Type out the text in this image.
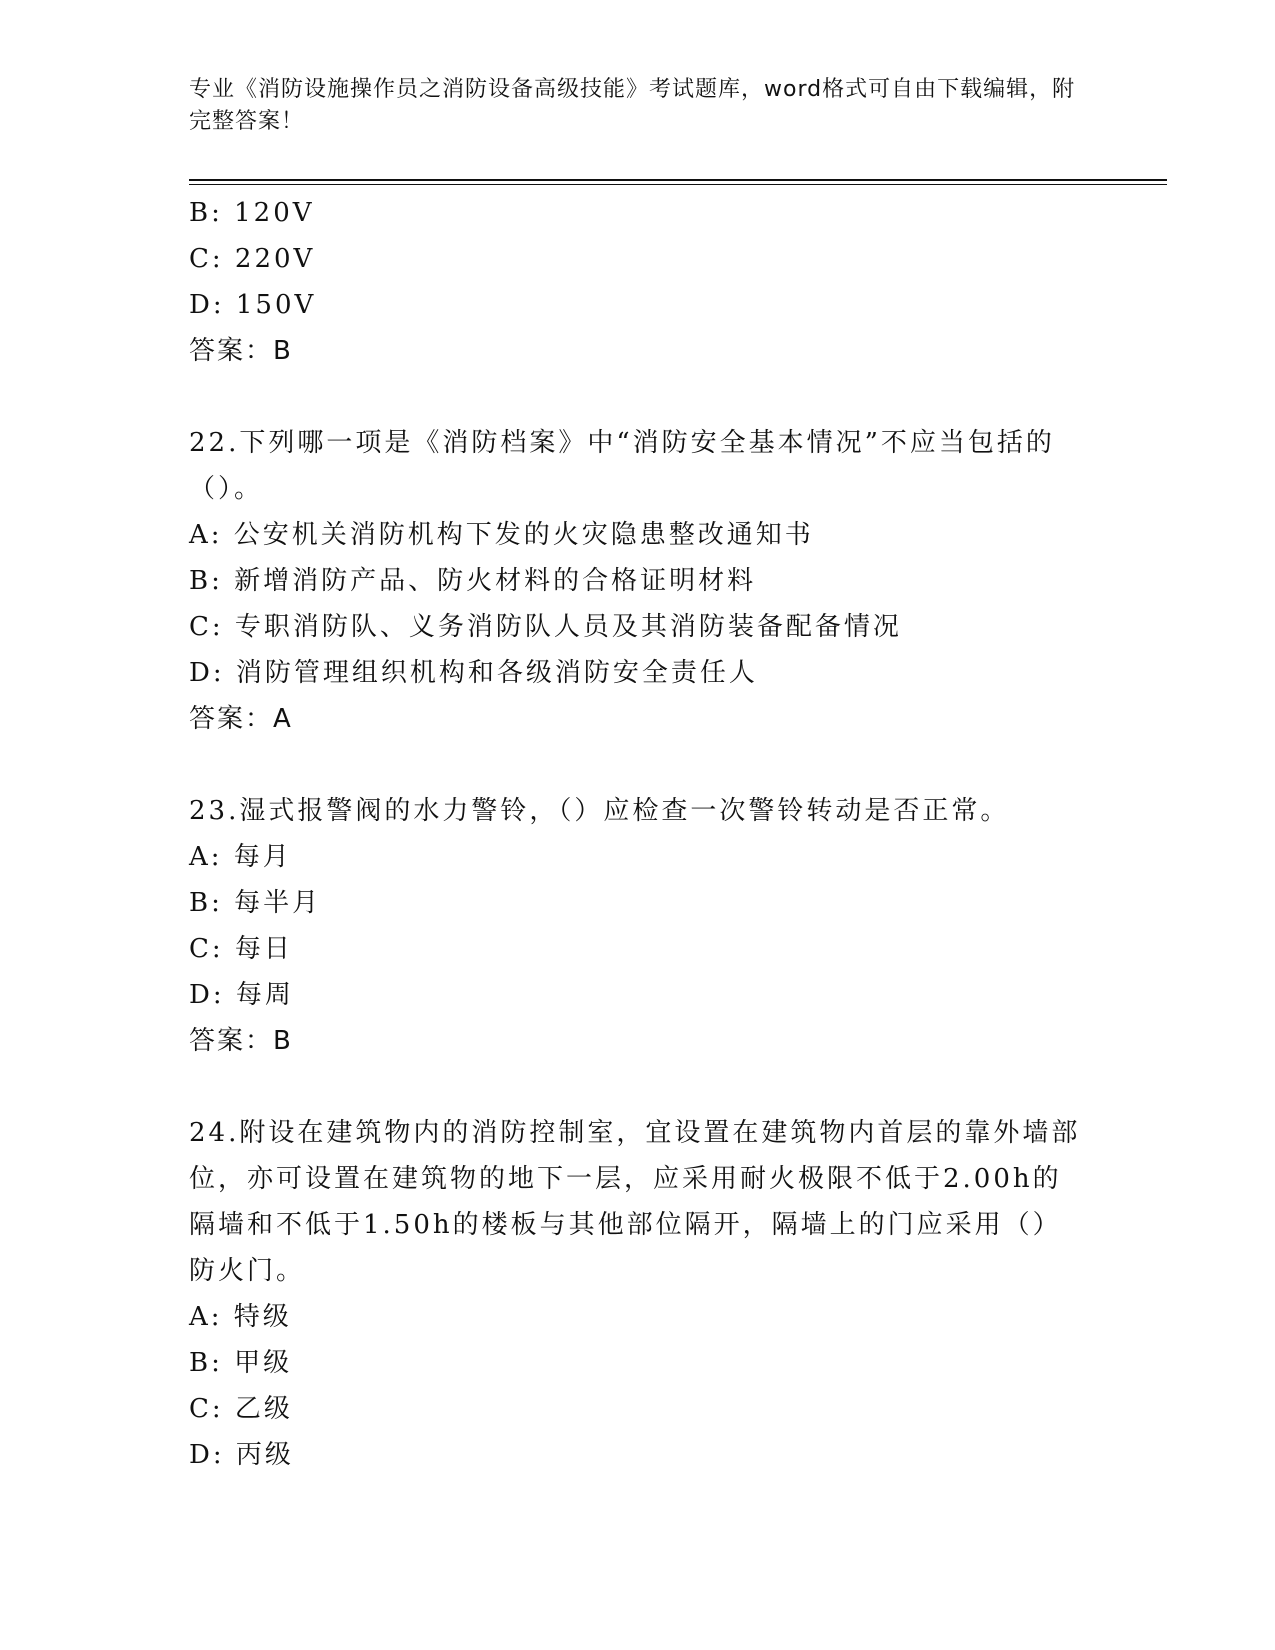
专业《消防设施操作员之消防设备高级技能》考试题库，word格式可自由下载编辑，附完整答案！
B: 120V
C: 220V
D: 150V
答案：B
22.下列哪一项是《消防档案》中“消防安全基本情况”不应当包括的（）。
A: 公安机关消防机构下发的火灾隐患整改通知书
B: 新增消防产品、防火材料的合格证明材料
C: 专职消防队、义务消防队人员及其消防装备配备情况
D: 消防管理组织机构和各级消防安全责任人
答案：A
23.湿式报警阀的水力警铃，（）应检查一次警铃转动是否正常。
A: 每月
B: 每半月
C: 每日
D: 每周
答案：B
24.附设在建筑物内的消防控制室，宜设置在建筑物内首层的靠外墙部位，亦可设置在建筑物的地下一层，应采用耐火极限不低于2.00h的隔墙和不低于1.50h的楼板与其他部位隔开，隔墙上的门应采用（）防火门。
A: 特级
B: 甲级
C: 乙级
D: 丙级
